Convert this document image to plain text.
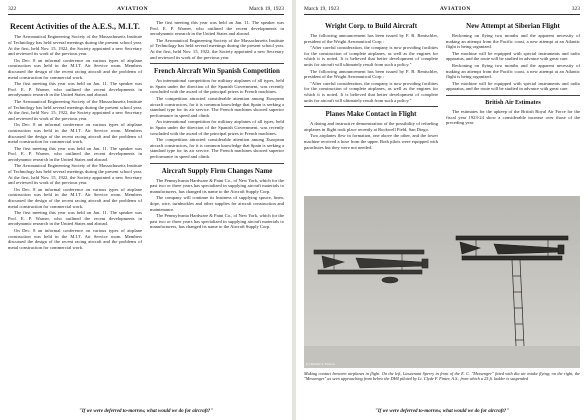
322	AVIATION	March 19, 1923
Recent Activities of the A.E.S., M.I.T.

The Aeronautical Engineering Society of the Massachusetts Institute of Technology has held several meetings during the present school year. At the first, held Nov. 15, 1922, the Society appointed a new Secretary and reviewed its work of the previous year.

On Dec. 8 an informal conference on various types of airplane construction was held in the M.I.T. Air Service room. Members discussed the design of the recent racing aircraft and the problems of metal construction for commercial work.

The first meeting this year was held on Jan. 11. The speaker was Prof. E. P. Warner, who outlined the recent developments in aerodynamic research in the United States and abroad.

The Aeronautical Engineering Society of the Massachusetts Institute of Technology has held several meetings during the present school year. At the first, held Nov. 15, 1922, the Society appointed a new Secretary and reviewed its work of the previous year.

On Dec. 8 an informal conference on various types of airplane construction was held in the M.I.T. Air Service room. Members discussed the design of the recent racing aircraft and the problems of metal construction for commercial work.

The first meeting this year was held on Jan. 11. The speaker was Prof. E. P. Warner, who outlined the recent developments in aerodynamic research in the United States and abroad.

The Aeronautical Engineering Society of the Massachusetts Institute of Technology has held several meetings during the present school year. At the first, held Nov. 15, 1922, the Society appointed a new Secretary and reviewed its work of the previous year.

On Dec. 8 an informal conference on various types of airplane construction was held in the M.I.T. Air Service room. Members discussed the design of the recent racing aircraft and the problems of metal construction for commercial work.

The first meeting this year was held on Jan. 11. The speaker was Prof. E. P. Warner, who outlined the recent developments in aerodynamic research in the United States and abroad.

On Dec. 8 an informal conference on various types of airplane construction was held in the M.I.T. Air Service room. Members discussed the design of the recent racing aircraft and the problems of metal construction for commercial work.

The first meeting this year was held on Jan. 11. The speaker was Prof. E. P. Warner, who outlined the recent developments in aerodynamic research in the United States and abroad.

The Aeronautical Engineering Society of the Massachusetts Institute of Technology has held several meetings during the present school year. At the first, held Nov. 15, 1922, the Society appointed a new Secretary and reviewed its work of the previous year.

French Aircraft Win Spanish Competition

An international competition for military airplanes of all types, held in Spain under the direction of the Spanish Government, was recently concluded with the award of the principal prizes to French machines.

The competition attracted considerable attention among European aircraft constructors, for it is common knowledge that Spain is seeking a standard type for its air service. The French machines showed superior performance in speed and climb.

An international competition for military airplanes of all types, held in Spain under the direction of the Spanish Government, was recently concluded with the award of the principal prizes to French machines.

The competition attracted considerable attention among European aircraft constructors, for it is common knowledge that Spain is seeking a standard type for its air service. The French machines showed superior performance in speed and climb.

Aircraft Supply Firm Changes Name

The Pennsylvania Hardware & Paint Co., of New York, which for the past two or three years has specialized in supplying aircraft materials to manufacturers, has changed its name to the Aircraft Supply Corp.

The company will continue its business of supplying spruce, linen, dope, wire, turnbuckles and other supplies for aircraft construction and maintenance.

The Pennsylvania Hardware & Paint Co., of New York, which for the past two or three years has specialized in supplying aircraft materials to manufacturers, has changed its name to the Aircraft Supply Corp.

"If we were deferred to-morrow, what would we do for aircraft?"
March 19, 1923	AVIATION	323
Wright Corp. to Build Aircraft

The following announcement has been issued by F. B. Rentschler, president of the Wright Aeronautical Corp.:

"After careful consideration, the company is now providing facilities for the construction of complete airplanes, as well as the engines for which it is noted. It is believed that better development of complete units for aircraft will ultimately result from such a policy."

The following announcement has been issued by F. B. Rentschler, president of the Wright Aeronautical Corp.:

"After careful consideration, the company is now providing facilities for the construction of complete airplanes, as well as the engines for which it is noted. It is believed that better development of complete units for aircraft will ultimately result from such a policy."

Planes Make Contact in Flight

A daring and instructive demonstration of the possibility of refueling airplanes in flight took place recently at Rockwell Field, San Diego.

Two airplanes flew in formation, one above the other, and the lower machine received a hose from the upper. Both pilots were equipped with parachutes but they were not needed.

New Attempt at Siberian Flight

Reckoning on flying two months and the apparent necessity of making an attempt from the Pacific coast, a new attempt at an Atlantic flight is being organized.

The machine will be equipped with special instruments and radio apparatus, and the route will be studied in advance with great care.

Reckoning on flying two months and the apparent necessity of making an attempt from the Pacific coast, a new attempt at an Atlantic flight is being organized.

The machine will be equipped with special instruments and radio apparatus, and the route will be studied in advance with great care.

British Air Estimates

The estimates for the upkeep of the British Royal Air Force for the fiscal year 1923-24 show a considerable increase over those of the preceding year.

(c) Rudolf S. Fenton
Making contact between airplanes in flight. On the left, Lieutenant Sperry in front of the E. C. "Messenger" fitted with dia air intake flying; on the right, the "Messenger" as seen approaching from below the DH4 piloted by Lt. Clyde F. Finter, A.S., from which a 25 ft. ladder is suspended
"If we were deferred to-morrow, what would we do for aircraft?"
